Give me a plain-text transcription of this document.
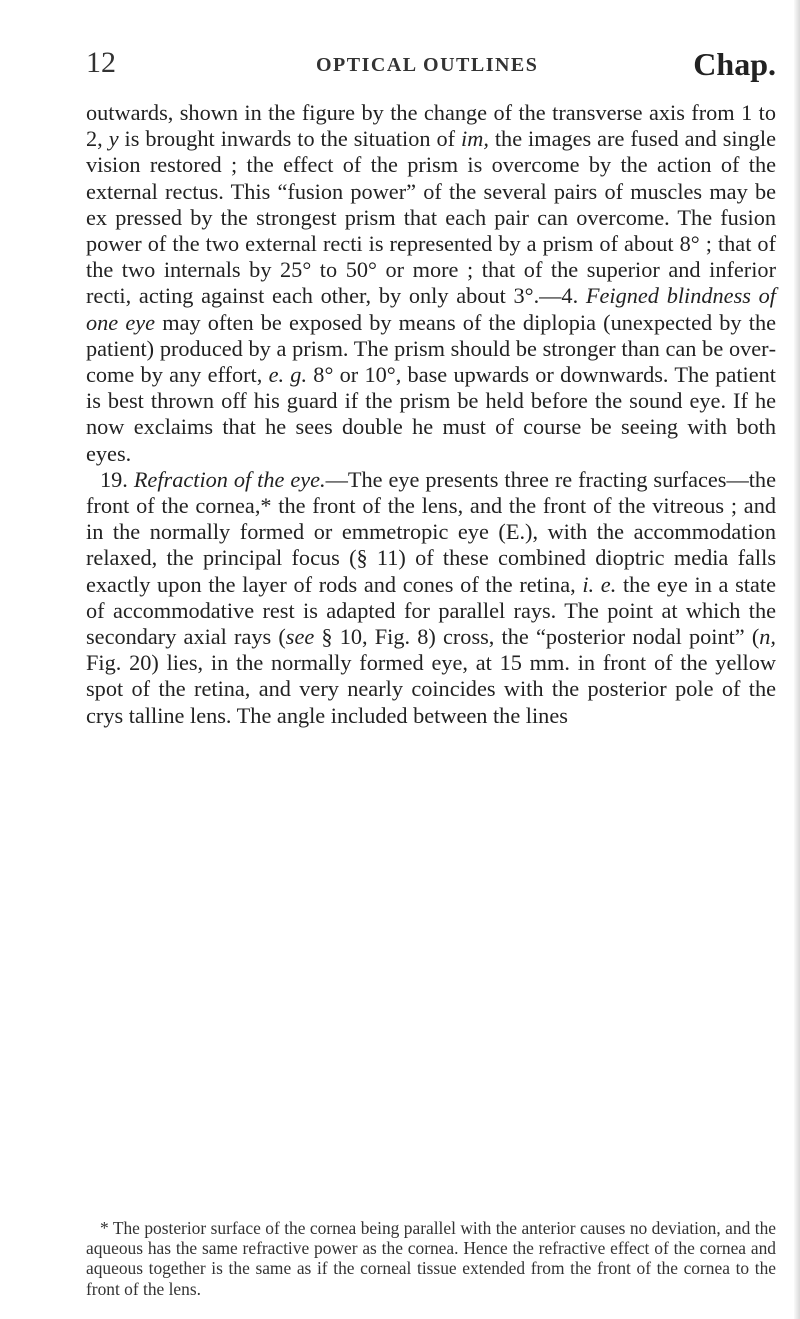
12	OPTICAL OUTLINES	Chap.

outwards, shown in the figure by the change of the transverse axis from 1 to 2, y is brought inwards to the situation of im, the images are fused and single vision restored ; the effect of the prism is overcome by the action of the external rectus. This “fusion power” of the several pairs of muscles may be ex pressed by the strongest prism that each pair can overcome. The fusion power of the two external recti is represented by a prism of about 8° ; that of the two internals by 25° to 50° or more ; that of the superior and inferior recti, acting against each other, by only about 3°.—4. Feigned blindness of one eye may often be exposed by means of the diplopia (unexpected by the patient) produced by a prism. The prism should be stronger than can be over come by any effort, e. g. 8° or 10°, base upwards or downwards. The patient is best thrown off his guard if the prism be held before the sound eye. If he now exclaims that he sees double he must of course be seeing with both eyes.

19. Refraction of the eye.—The eye presents three re fracting surfaces—the front of the cornea,* the front of the lens, and the front of the vitreous ; and in the normally formed or emmetropic eye (E.), with the accommodation relaxed, the principal focus (§ 11) of these combined dioptric media falls exactly upon the layer of rods and cones of the retina, i. e. the eye in a state of accommodative rest is adapted for parallel rays. The point at which the secondary axial rays (see § 10, Fig. 8) cross, the “posterior nodal point” (n, Fig. 20) lies, in the normally formed eye, at 15 mm. in front of the yellow spot of the retina, and very nearly coincides with the posterior pole of the crys talline lens. The angle included between the lines

* The posterior surface of the cornea being parallel with the anterior causes no deviation, and the aqueous has the same refractive power as the cornea. Hence the refractive effect of the cornea and aqueous together is the same as if the corneal tissue extended from the front of the cornea to the front of the lens.
